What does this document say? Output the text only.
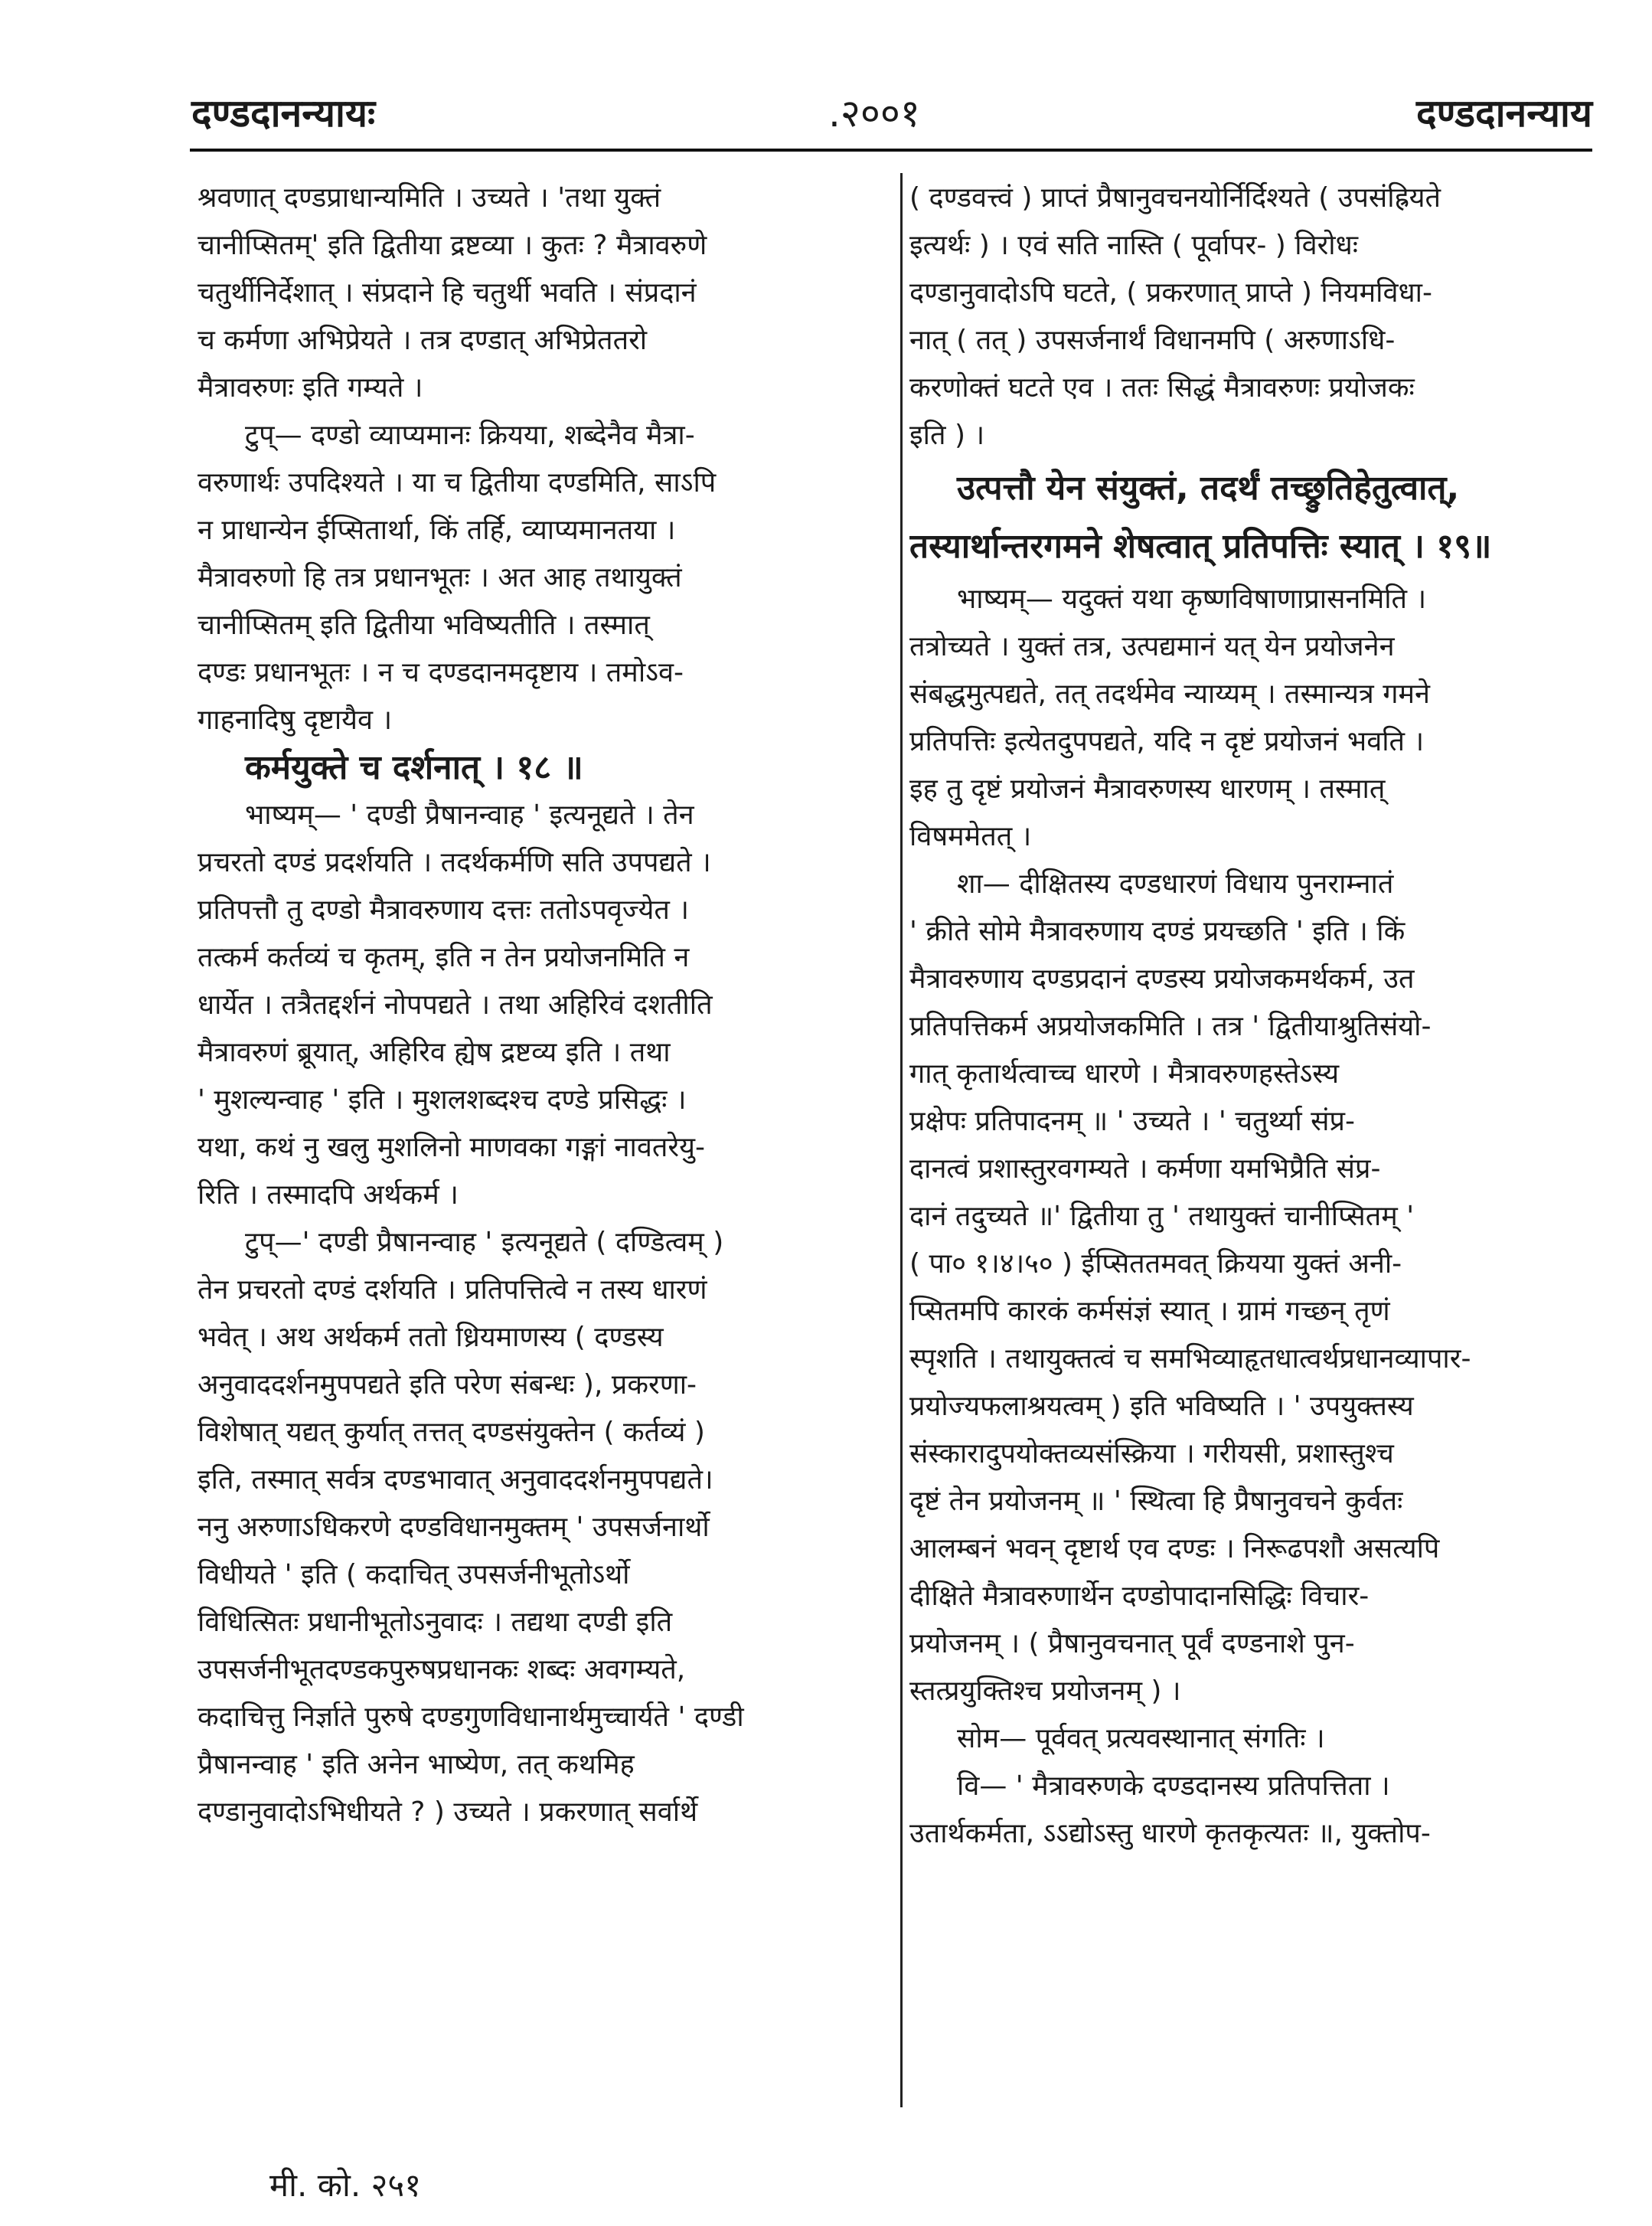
दण्डदानन्यायः	.२००१	दण्डदानन्याय
श्रवणात् दण्डप्राधान्यमिति । उच्यते । 'तथा युक्तं
चानीप्सितम्' इति द्वितीया द्रष्टव्या । कुतः ? मैत्रावरुणे
चतुर्थीनिर्देशात् । संप्रदाने हि चतुर्थी भवति । संप्रदानं
च कर्मणा अभिप्रेयते । तत्र दण्डात् अभिप्रेततरो
मैत्रावरुणः इति गम्यते ।
टुप्— दण्डो व्याप्यमानः क्रियया, शब्देनैव मैत्रा-
वरुणार्थः उपदिश्यते । या च द्वितीया दण्डमिति, साऽपि
न प्राधान्येन ईप्सितार्था, किं तर्हि, व्याप्यमानतया ।
मैत्रावरुणो हि तत्र प्रधानभूतः । अत आह तथायुक्तं
चानीप्सितम् इति द्वितीया भविष्यतीति । तस्मात्
दण्डः प्रधानभूतः । न च दण्डदानमदृष्टाय । तमोऽव-
गाहनादिषु दृष्टायैव ।
कर्मयुक्ते च दर्शनात् । १८ ॥
भाष्यम्— ' दण्डी प्रैषानन्वाह ' इत्यनूद्यते । तेन
प्रचरतो दण्डं प्रदर्शयति । तदर्थकर्मणि सति उपपद्यते ।
प्रतिपत्तौ तु दण्डो मैत्रावरुणाय दत्तः ततोऽपवृज्येत ।
तत्कर्म कर्तव्यं च कृतम्, इति न तेन प्रयोजनमिति न
धार्येत । तत्रैतद्दर्शनं नोपपद्यते । तथा अहिरिवं दशतीति
मैत्रावरुणं ब्रूयात्, अहिरिव ह्येष द्रष्टव्य इति । तथा
' मुशल्यन्वाह ' इति । मुशलशब्दश्च दण्डे प्रसिद्धः ।
यथा, कथं नु खलु मुशलिनो माणवका गङ्गां नावतरेयु-
रिति । तस्मादपि अर्थकर्म ।
टुप्—' दण्डी प्रैषानन्वाह ' इत्यनूद्यते ( दण्डित्वम् )
तेन प्रचरतो दण्डं दर्शयति । प्रतिपत्तित्वे न तस्य धारणं
भवेत् । अथ अर्थकर्म ततो ध्रियमाणस्य ( दण्डस्य
अनुवाददर्शनमुपपद्यते इति परेण संबन्धः ), प्रकरणा-
विशेषात् यद्यत् कुर्यात् तत्तत् दण्डसंयुक्तेन ( कर्तव्यं )
इति, तस्मात् सर्वत्र दण्डभावात् अनुवाददर्शनमुपपद्यते।
ननु अरुणाऽधिकरणे दण्डविधानमुक्तम् ' उपसर्जनार्थो
विधीयते ' इति ( कदाचित् उपसर्जनीभूतोऽर्थो
विधित्सितः प्रधानीभूतोऽनुवादः । तद्यथा दण्डी इति
उपसर्जनीभूतदण्डकपुरुषप्रधानकः शब्दः अवगम्यते,
कदाचित्तु निर्ज्ञाते पुरुषे दण्डगुणविधानार्थमुच्चार्यते ' दण्डी
प्रैषानन्वाह ' इति अनेन भाष्येण, तत् कथमिह
दण्डानुवादोऽभिधीयते ? ) उच्यते । प्रकरणात् सर्वार्थे
( दण्डवत्त्वं ) प्राप्तं प्रैषानुवचनयोर्निर्दिश्यते ( उपसंह्रियते
इत्यर्थः ) । एवं सति नास्ति ( पूर्वापर- ) विरोधः
दण्डानुवादोऽपि घटते, ( प्रकरणात् प्राप्ते ) नियमविधा-
नात् ( तत् ) उपसर्जनार्थं विधानमपि ( अरुणाऽधि-
करणोक्तं घटते एव । ततः सिद्धं मैत्रावरुणः प्रयोजकः
इति ) ।
उत्पत्तौ येन संयुक्तं, तदर्थं तच्छ्रुतिहेतुत्वात्,
तस्यार्थान्तरगमने शेषत्वात् प्रतिपत्तिः स्यात् । १९॥
भाष्यम्— यदुक्तं यथा कृष्णविषाणाप्रासनमिति ।
तत्रोच्यते । युक्तं तत्र, उत्पद्यमानं यत् येन प्रयोजनेन
संबद्धमुत्पद्यते, तत् तदर्थमेव न्याय्यम् । तस्मान्यत्र गमने
प्रतिपत्तिः इत्येतदुपपद्यते, यदि न दृष्टं प्रयोजनं भवति ।
इह तु दृष्टं प्रयोजनं मैत्रावरुणस्य धारणम् । तस्मात्
विषममेतत् ।
शा— दीक्षितस्य दण्डधारणं विधाय पुनराम्नातं
' क्रीते सोमे मैत्रावरुणाय दण्डं प्रयच्छति ' इति । किं
मैत्रावरुणाय दण्डप्रदानं दण्डस्य प्रयोजकमर्थकर्म, उत
प्रतिपत्तिकर्म अप्रयोजकमिति । तत्र ' द्वितीयाश्रुतिसंयो-
गात् कृतार्थत्वाच्च धारणे । मैत्रावरुणहस्तेऽस्य
प्रक्षेपः प्रतिपादनम् ॥ ' उच्यते । ' चतुर्थ्या संप्र-
दानत्वं प्रशास्तुरवगम्यते । कर्मणा यमभिप्रैति संप्र-
दानं तदुच्यते ॥' द्वितीया तु ' तथायुक्तं चानीप्सितम् '
( पा० १।४।५० ) ईप्सिततमवत् क्रियया युक्तं अनी-
प्सितमपि कारकं कर्मसंज्ञं स्यात् । ग्रामं गच्छन् तृणं
स्पृशति । तथायुक्तत्वं च समभिव्याहृतधात्वर्थप्रधानव्यापार-
प्रयोज्यफलाश्रयत्वम् ) इति भविष्यति । ' उपयुक्तस्य
संस्कारादुपयोक्तव्यसंस्क्रिया । गरीयसी, प्रशास्तुश्च
दृष्टं तेन प्रयोजनम् ॥ ' स्थित्वा हि प्रैषानुवचने कुर्वतः
आलम्बनं भवन् दृष्टार्थ एव दण्डः । निरूढपशौ असत्यपि
दीक्षिते मैत्रावरुणार्थेन दण्डोपादानसिद्धिः विचार-
प्रयोजनम् । ( प्रैषानुवचनात् पूर्वं दण्डनाशे पुन-
स्तत्प्रयुक्तिश्च प्रयोजनम् ) ।
सोम— पूर्ववत् प्रत्यवस्थानात् संगतिः ।
वि— ' मैत्रावरुणके दण्डदानस्य प्रतिपत्तिता ।
उतार्थकर्मता, ऽऽद्योऽस्तु धारणे कृतकृत्यतः ॥, युक्तोप-
मी. को. २५१
